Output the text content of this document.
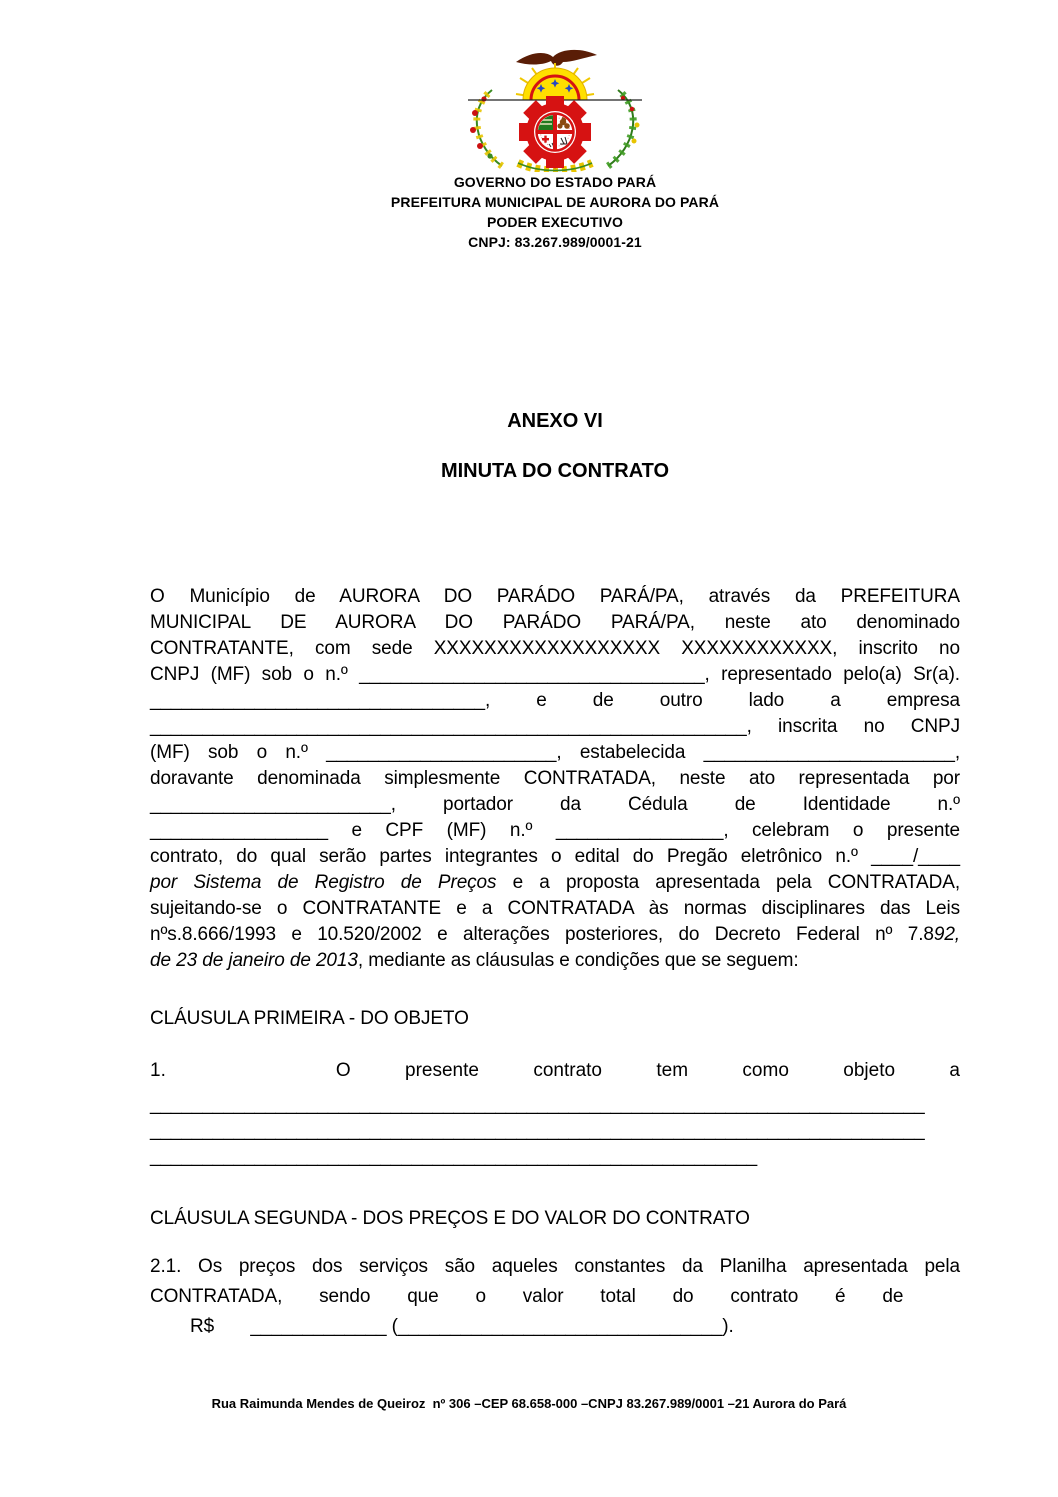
GOVERNO DO ESTADO PARÁ
PREFEITURA MUNICIPAL DE AURORA DO PARÁ
PODER EXECUTIVO
CNPJ: 83.267.989/0001-21
ANEXO VI
MINUTA DO CONTRATO
O Município de AURORA DO PARÁDO PARÁ/PA, através da PREFEITURA
MUNICIPAL DE AURORA DO PARÁDO PARÁ/PA, neste ato denominado
CONTRATANTE, com sede XXXXXXXXXXXXXXXXXX XXXXXXXXXXXX, inscrito no
CNPJ (MF) sob o n.º _________________________________, representado pelo(a) Sr(a).
________________________________, e de outro lado a empresa
_________________________________________________________, inscrita no CNPJ
(MF) sob o n.º ______________________, estabelecida ________________________,
doravante denominada simplesmente CONTRATADA, neste ato representada por
_______________________, portador da Cédula de Identidade n.º
_________________ e CPF (MF) n.º ________________, celebram o presente
contrato, do qual serão partes integrantes o edital do Pregão eletrônico n.º ____/____
por Sistema de Registro de Preços e a proposta apresentada pela CONTRATADA,
sujeitando-se o CONTRATANTE e a CONTRATADA às normas disciplinares das Leis
nºs.8.666/1993 e 10.520/2002 e alterações posteriores, do Decreto Federal nº 7.892,
de 23 de janeiro de 2013, mediante as cláusulas e condições que se seguem:
CLÁUSULA PRIMEIRA - DO OBJETO
1.	O presente contrato tem como objeto a
__________________________________________________________________________
__________________________________________________________________________
__________________________________________________________
CLÁUSULA SEGUNDA - DOS PREÇOS E DO VALOR DO CONTRATO
2.1. Os preços dos serviços são aqueles constantes da Planilha apresentada pela
CONTRATADA, sendo que o valor total do contrato é de
R$       _____________ (_______________________________).
Rua Raimunda Mendes de Queiroz  nº 306 –CEP 68.658-000 –CNPJ 83.267.989/0001 –21 Aurora do Pará
